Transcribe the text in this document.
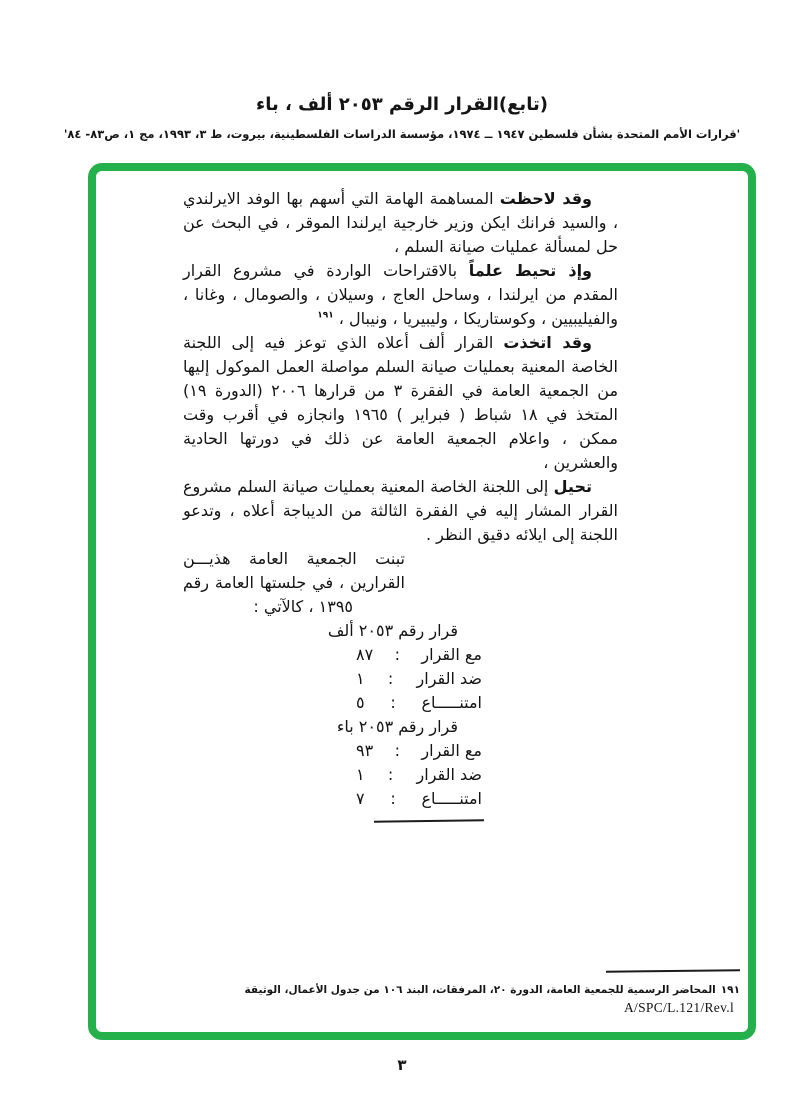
(تابع)القرار الرقم ٢٠٥٣ ألف ، باء
'قرارات الأمم المتحدة بشأن فلسطين ١٩٤٧ ــ ١٩٧٤، مؤسسة الدراسات الفلسطينية، بيروت، ط ٣، ١٩٩٣، مج ١، ص٨٣- ٨٤'

وقد لاحظت المساهمة الهامة التي أسهم بها الوفد الايرلندي ، والسيد فرانك ايكن وزير خارجية ايرلندا الموقر ، في البحث عن حل لمسألة عمليات صيانة السلم ،

وإذ تحيط علماً بالاقتراحات الواردة في مشروع القرار المقدم من ايرلندا ، وساحل العاج ، وسيلان ، والصومال ، وغانا ، والفيليبيين ، وكوستاريكا ، وليبيريا ، ونيبال ، $^{١٩١}$

وقد اتخذت القرار ألف أعلاه الذي توعز فيه إلى اللجنة الخاصة المعنية بعمليات صيانة السلم مواصلة العمل الموكول إليها من الجمعية العامة في الفقرة ٣ من قرارها ٢٠٠٦ (الدورة ١٩) المتخذ في ١٨ شباط ( فبراير ) ١٩٦٥ وانجازه في أقرب وقت ممكن ، واعلام الجمعية العامة عن ذلك في دورتها الحادية والعشرين ،

تحيل إلى اللجنة الخاصة المعنية بعمليات صيانة السلم مشروع القرار المشار إليه في الفقرة الثالثة من الديباجة أعلاه ، وتدعو اللجنة إلى ايلائه دقيق النظر .

تبنت الجمعية العامة هذيـــن
القرارين ، في جلستها العامة رقم
١٣٩٥ ، كالآتي :
قرار رقم ٢٠٥٣ ألف
مع القرار
:
٨٧
ضد القرار
:
١
امتنـــــاع
:
٥
قرار رقم ٢٠٥٣ باء
مع القرار
:
٩٣
ضد القرار
:
١
امتنـــــاع
:
٧
١٩١المحاضر الرسمية للجمعية العامة، الدورة ٢٠، المرفقات، البند ١٠٦ من جدول الأعمال، الوثيقة
A/SPC/L.121/Rev.l
٣
